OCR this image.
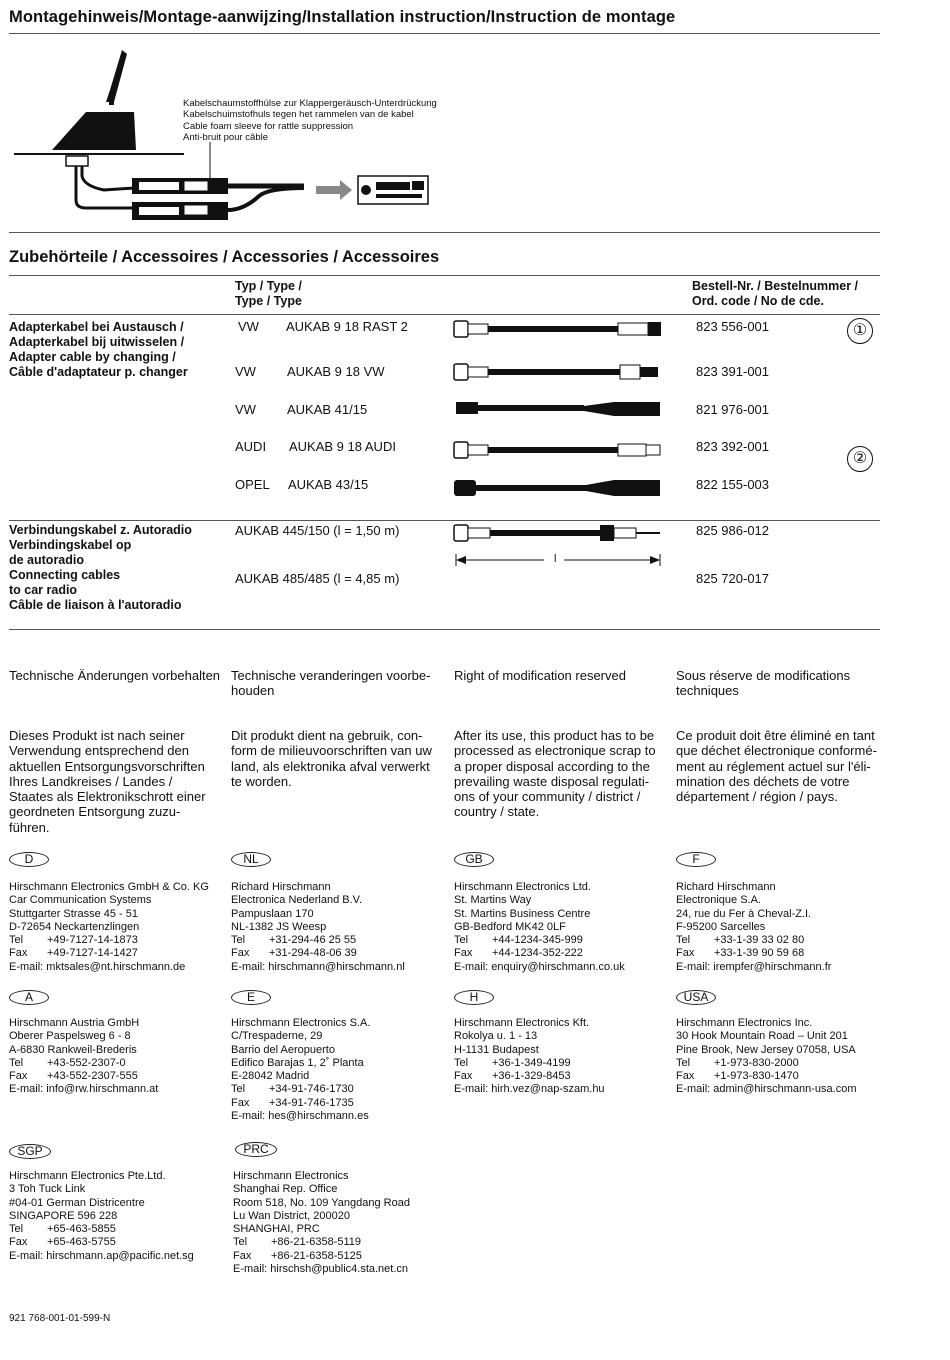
Montagehinweis/Montage-aanwijzing/Installation instruction/Instruction de montage
Kabelschaumstoffhülse zur Klappergeräusch-Unterdrückung
Kabelschuimstofhuls tegen het rammelen van de kabel
Cable foam sleeve for rattle suppression
Anti-bruit pour câble
Zubehörteile / Accessoires / Accessories / Accessoires
Typ / Type /
Type / Type
Bestell-Nr. / Bestelnummer /
Ord. code / No de cde.
Adapterkabel bei Austausch /
Adapterkabel bij uitwisselen /
Adapter cable by changing /
Câble d'adaptateur p. changer
VW AUKAB 9 18 RAST 2	823 556-001
VW AUKAB 9 18 VW	823 391-001
VW AUKAB 41/15	821 976-001
AUDI AUKAB 9 18 AUDI	823 392-001
OPEL AUKAB 43/15	822 155-003
①
②
Verbindungskabel z. Autoradio
Verbindingskabel op
de autoradio
Connecting cables
to car radio
Câble de liaison à l'autoradio
AUKAB 445/150 (l = 1,50 m)	825 986-012
AUKAB 485/485 (l = 4,85 m)	825 720-017
l
Technische Änderungen vorbehalten Technische veranderingen voorbe-houden
Right of modification reserved	Sous réserve de modifications techniques
Dieses Produkt ist nach seiner Verwendung entsprechend den aktuellen Entsorgungsvorschriften Ihres Landkreises / Landes / Staates als Elektronikschrott einer geordneten Entsorgung zuzu-führen.
Dit produkt dient na gebruik, con-form de milieuvoorschriften van uw land, als elektronika afval verwerkt te worden.
After its use, this product has to be processed as electronique scrap to a proper disposal according to the prevailing waste disposal regulati-ons of your community / district / country / state.
Ce produit doit être éliminé en tant que déchet électronique conformé-ment au réglement actuel sur l'éli-mination des déchets de votre département / région / pays.
D	NL	GB	F
Hirschmann Electronics GmbH & Co. KG
Car Communication Systems
Stuttgarter Strasse 45 - 51
D-72654 Neckartenzlingen
Tel +49-7127-14-1873
Fax +49-7127-14-1427
E-mail: mktsales@nt.hirschmann.de
Richard Hirschmann
Electronica Nederland B.V.
Pampuslaan 170
NL-1382 JS Weesp
Tel +31-294-46 25 55
Fax +31-294-48-06 39
E-mail: hirschmann@hirschmann.nl
Hirschmann Electronics Ltd.
St. Martins Way
St. Martins Business Centre
GB-Bedford MK42 0LF
Tel +44-1234-345-999
Fax +44-1234-352-222
E-mail: enquiry@hirschmann.co.uk
Richard Hirschmann
Electronique S.A.
24, rue du Fer à Cheval-Z.I.
F-95200 Sarcelles
Tel +33-1-39 33 02 80
Fax +33-1-39 90 59 68
E-mail: irempfer@hirschmann.fr
A	E	H	USA
Hirschmann Austria GmbH
Oberer Paspelsweg 6 - 8
A-6830 Rankweil-Brederis
Tel +43-552-2307-0
Fax +43-552-2307-555
E-mail: info@rw.hirschmann.at
Hirschmann Electronics S.A.
C/Trespaderne, 29
Barrio del Aeropuerto
Edifico Barajas 1, 2˚ Planta
E-28042 Madrid
Tel +34-91-746-1730
Fax +34-91-746-1735
E-mail: hes@hirschmann.es
Hirschmann Electronics Kft.
Rokolya u. 1 - 13
H-1131 Budapest
Tel +36-1-349-4199
Fax +36-1-329-8453
E-mail: hirh.vez@nap-szam.hu
Hirschmann Electronics Inc.
30 Hook Mountain Road – Unit 201
Pine Brook, New Jersey 07058, USA
Tel +1-973-830-2000
Fax +1-973-830-1470
E-mail: admin@hirschmann-usa.com
SGP	PRC
Hirschmann Electronics Pte.Ltd.
3 Toh Tuck Link
#04-01 German Districentre
SINGAPORE 596 228
Tel +65-463-5855
Fax +65-463-5755
E-mail: hirschmann.ap@pacific.net.sg
Hirschmann Electronics
Shanghai Rep. Office
Room 518, No. 109 Yangdang Road
Lu Wan District, 200020
SHANGHAI, PRC
Tel +86-21-6358-5119
Fax +86-21-6358-5125
E-mail: hirschsh@public4.sta.net.cn
921 768-001-01-599-N
